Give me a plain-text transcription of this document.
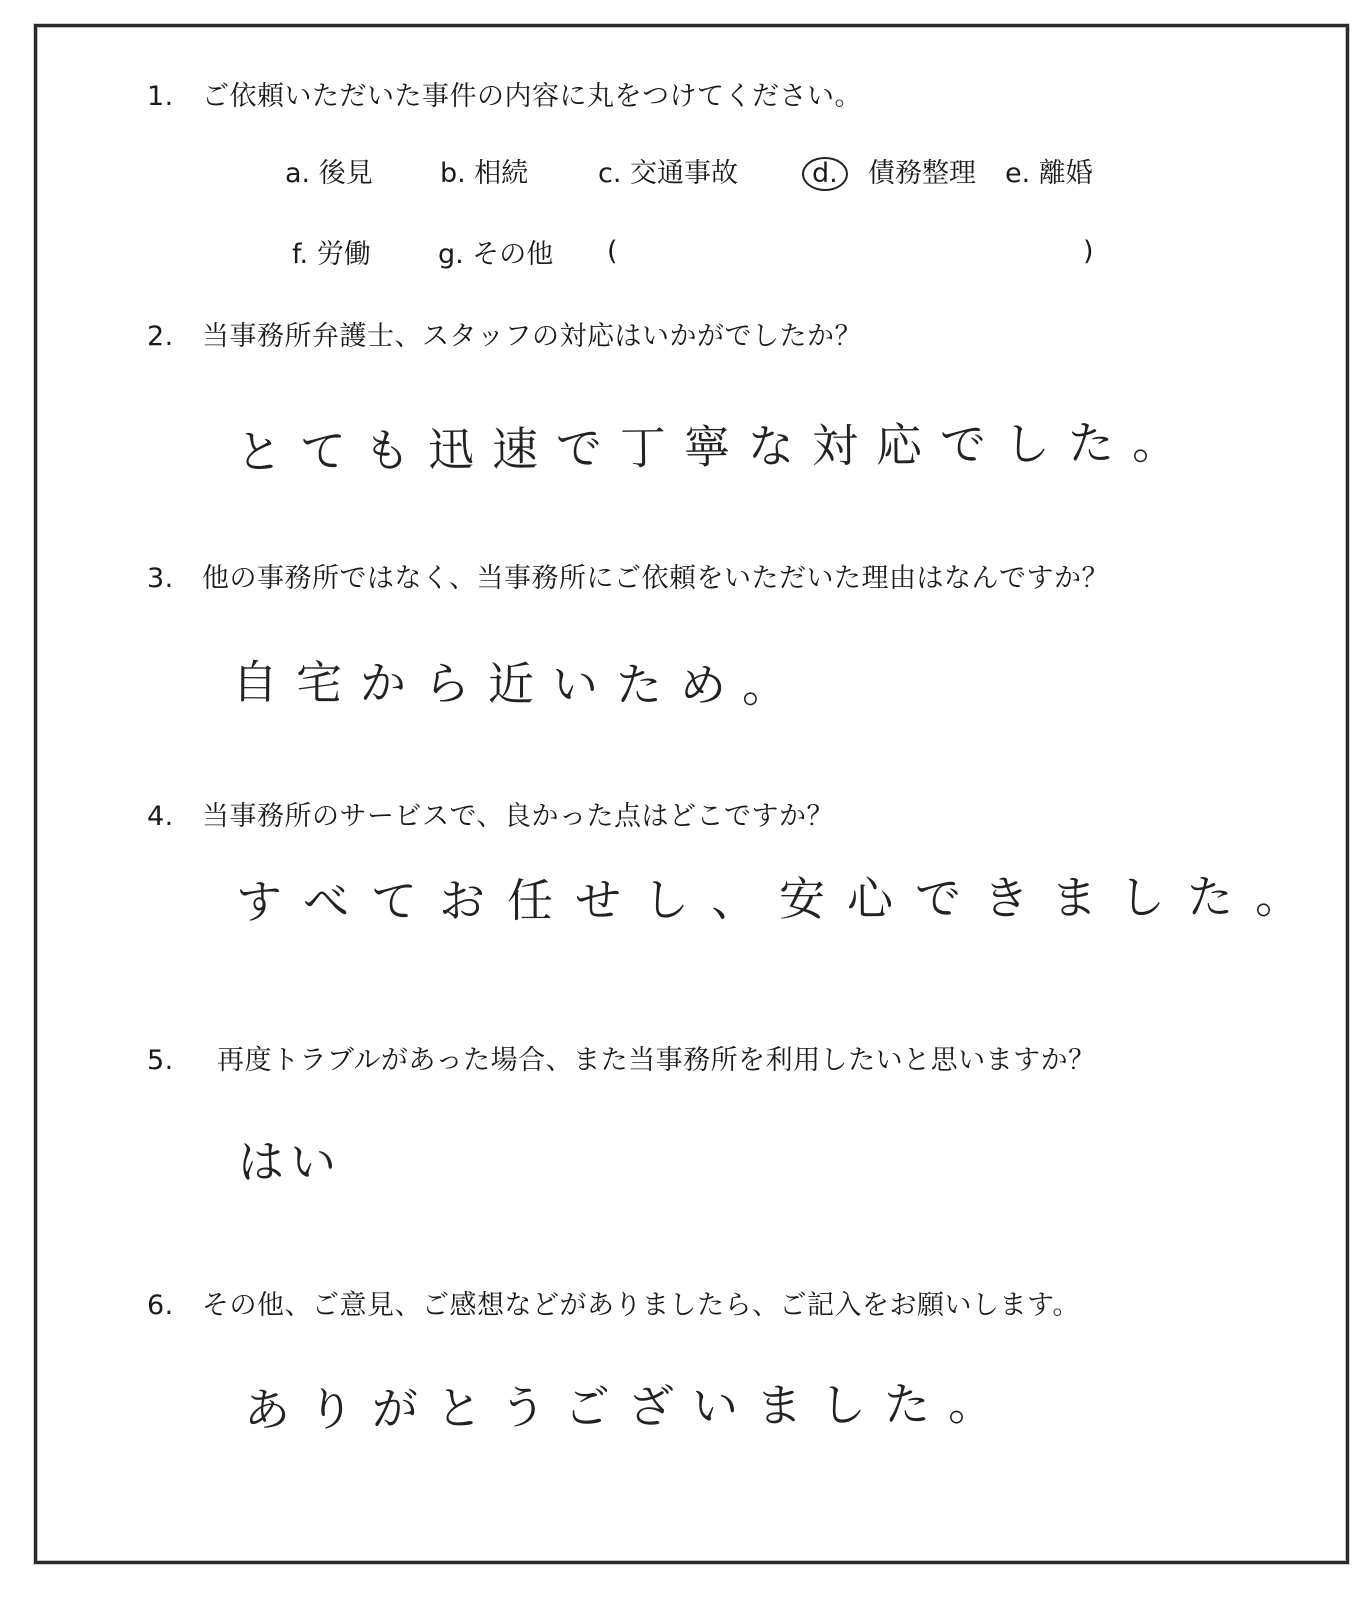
1. ご依頼いただいた事件の内容に丸をつけてください。
a. 後見 b. 相続	c. 交通事故	d.	債務整理 e. 離婚
f. 労働 g. その他 (	)
2. 当事務所弁護士、スタッフの対応はいかがでしたか？
とても迅速で丁寧な対応でした。
3. 他の事務所ではなく、当事務所にご依頼をいただいた理由はなんですか？
自宅から近いため。
4. 当事務所のサービスで、良かった点はどこですか？
すべてお任せし、安心できました。
5. 再度トラブルがあった場合、また当事務所を利用したいと思いますか？
はい
6. その他、ご意見、ご感想などがありましたら、ご記入をお願いします。
ありがとうございました。
